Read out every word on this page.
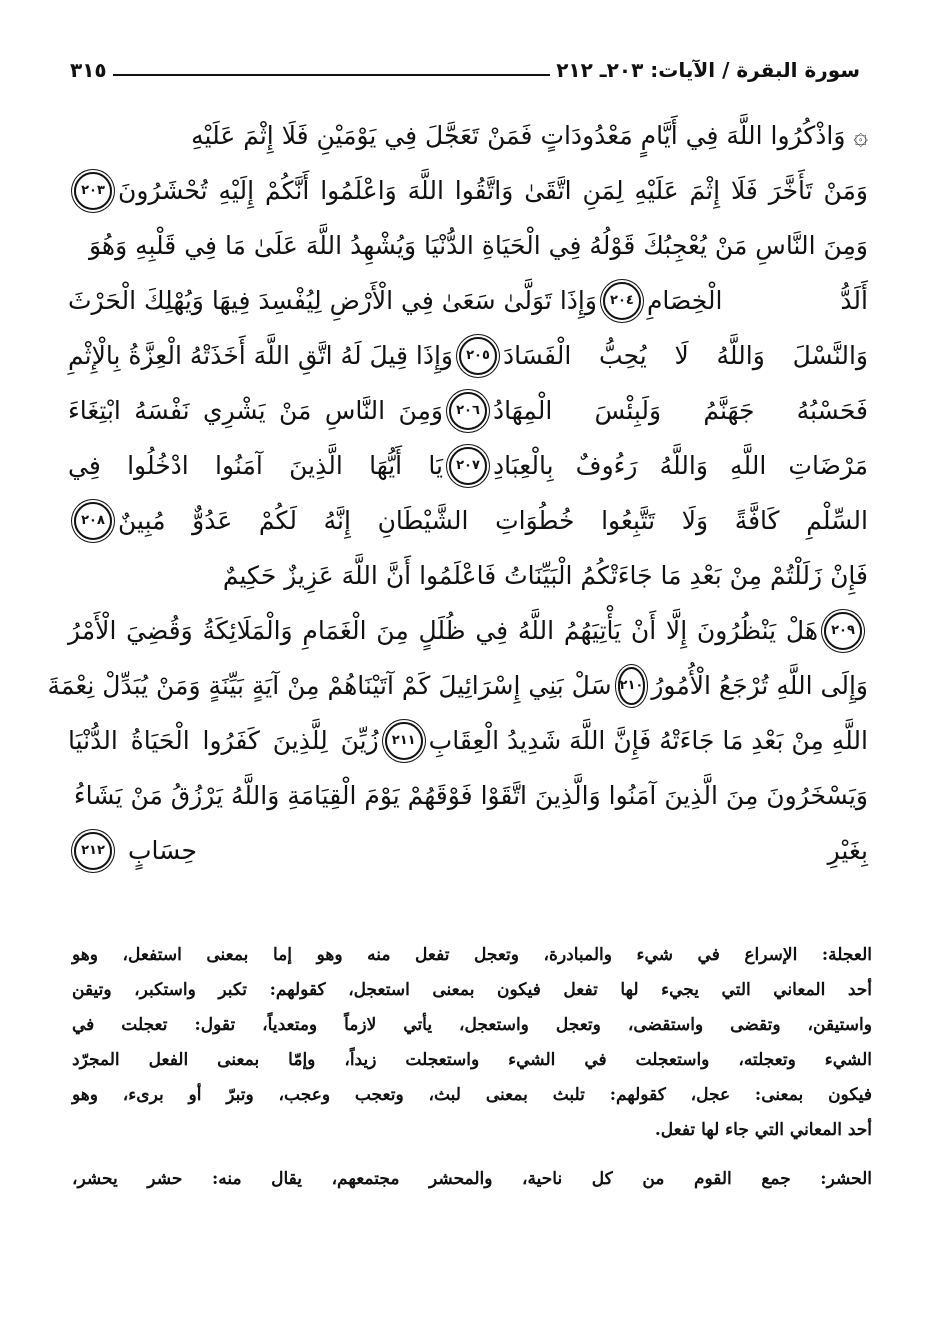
سورة البقرة / الآيات: ٢٠٣ـ ٢١٢
٣١٥
۞ وَاذْكُرُوا اللَّهَ فِي أَيَّامٍ مَعْدُودَاتٍ فَمَنْ تَعَجَّلَ فِي يَوْمَيْنِ فَلَا إِثْمَ عَلَيْهِ
وَمَنْ تَأَخَّرَ فَلَا إِثْمَ عَلَيْهِ لِمَنِ اتَّقَىٰ وَاتَّقُوا اللَّهَ وَاعْلَمُوا أَنَّكُمْ إِلَيْهِ تُحْشَرُونَ
٢٠٣
وَمِنَ النَّاسِ مَنْ يُعْجِبُكَ قَوْلُهُ فِي الْحَيَاةِ الدُّنْيَا وَيُشْهِدُ اللَّهَ عَلَىٰ مَا فِي قَلْبِهِ وَهُوَ
أَلَدُّ الْخِصَامِ
٢٠٤
وَإِذَا تَوَلَّىٰ سَعَىٰ فِي الْأَرْضِ لِيُفْسِدَ فِيهَا وَيُهْلِكَ الْحَرْثَ
وَالنَّسْلَ وَاللَّهُ لَا يُحِبُّ الْفَسَادَ
٢٠٥
وَإِذَا قِيلَ لَهُ اتَّقِ اللَّهَ أَخَذَتْهُ الْعِزَّةُ بِالْإِثْمِ
فَحَسْبُهُ جَهَنَّمُ وَلَبِئْسَ الْمِهَادُ
٢٠٦
وَمِنَ النَّاسِ مَنْ يَشْرِي نَفْسَهُ ابْتِغَاءَ
مَرْضَاتِ اللَّهِ وَاللَّهُ رَءُوفٌ بِالْعِبَادِ
٢٠٧
يَا أَيُّهَا الَّذِينَ آمَنُوا ادْخُلُوا فِي
السِّلْمِ كَافَّةً وَلَا تَتَّبِعُوا خُطُوَاتِ الشَّيْطَانِ إِنَّهُ لَكُمْ عَدُوٌّ مُبِينٌ
٢٠٨
فَإِنْ زَلَلْتُمْ مِنْ بَعْدِ مَا جَاءَتْكُمُ الْبَيِّنَاتُ فَاعْلَمُوا أَنَّ اللَّهَ عَزِيزٌ حَكِيمٌ
٢٠٩
هَلْ يَنْظُرُونَ إِلَّا أَنْ يَأْتِيَهُمُ اللَّهُ فِي ظُلَلٍ مِنَ الْغَمَامِ وَالْمَلَائِكَةُ وَقُضِيَ الْأَمْرُ
وَإِلَى اللَّهِ تُرْجَعُ الْأُمُورُ
٢١٠
سَلْ بَنِي إِسْرَائِيلَ كَمْ آتَيْنَاهُمْ مِنْ آيَةٍ بَيِّنَةٍ وَمَنْ يُبَدِّلْ نِعْمَةَ
اللَّهِ مِنْ بَعْدِ مَا جَاءَتْهُ فَإِنَّ اللَّهَ شَدِيدُ الْعِقَابِ
٢١١
زُيِّنَ لِلَّذِينَ كَفَرُوا الْحَيَاةُ الدُّنْيَا
وَيَسْخَرُونَ مِنَ الَّذِينَ آمَنُوا وَالَّذِينَ اتَّقَوْا فَوْقَهُمْ يَوْمَ الْقِيَامَةِ وَاللَّهُ يَرْزُقُ مَنْ يَشَاءُ
بِغَيْرِ حِسَابٍ
٢١٢
العجلة: الإسراع في شيء والمبادرة، وتعجل تفعل منه وهو إما بمعنى استفعل، وهو
أحد المعاني التي يجيء لها تفعل فيكون بمعنى استعجل، كقولهم: تكبر واستكبر، وتيقن
واستيقن، وتقضى واستقضى، وتعجل واستعجل، يأتي لازماً ومتعدياً، تقول: تعجلت في
الشيء وتعجلته، واستعجلت في الشيء واستعجلت زيداً، وإمّا بمعنى الفعل المجرّد
فيكون بمعنى: عجل، كقولهم: تلبث بمعنى لبث، وتعجب وعجب، وتبرّ أو برىء، وهو
أحد المعاني التي جاء لها تفعل.
الحشر: جمع القوم من كل ناحية، والمحشر مجتمعهم، يقال منه: حشر يحشر،
